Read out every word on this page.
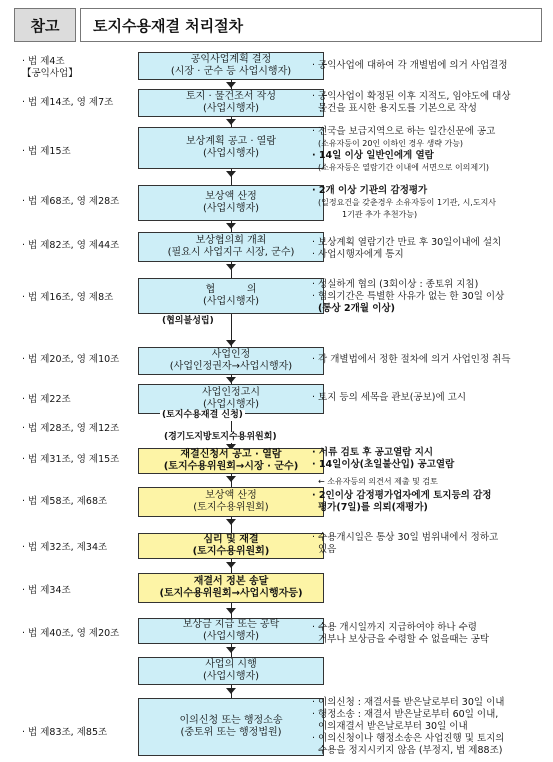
참고	토지수용재결 처리절차
· 법 제4조
【공익사업】
공익사업계획 결정
(시장 · 군수 등 사업시행자)
· 공익사업에 대하여 각 개별법에 의거 사업결정
· 법 제14조, 영 제7조
토지 · 물건조서 작성
(사업시행자)
· 공익사업이 확정된 이후 지적도, 임야도에 대상
물건을 표시한 용지도를 기본으로 작성
· 법 제15조
보상계획 공고 · 열람
(사업시행자)
· 전국을 보급지역으로 하는 일간신문에 공고
(소유자등이 20인 이하인 경우 생략 가능)
· 14일 이상 일반인에게 열람
(소유자등은 열람기간 이내에 서면으로 이의제기)
· 법 제68조, 영 제28조	보상액 산정
(사업시행자)
· 2개 이상 기관의 감정평가
(일정요건을 갖춘경우 소유자등이 1기관, 시,도지사
1기관 추가 추천가능)
· 법 제82조, 영 제44조	보상협의회 개최
(필요시 사업지구 시장, 군수)
· 보상계획 열람기간 만료 후 30일이내에 설치
· 사업시행자에게 통지
· 법 제16조, 영 제8조
협          의
(사업시행자)
(협의불성립)
· 성실하게 협의 (3회이상 : 종토위 지침)
· 협의기간은 특별한 사유가 없는 한 30일 이상
(통상 2개월 이상)
· 법 제20조, 영 제10조	사업인정
(사업인정권자→사업시행자)
· 각 개별법에서 정한 절차에 의거 사업인정 취득
· 법 제22조
사업인정고시
(사업시행자)
(토지수용재결 신청)
· 토지 등의 세목을 관보(공보)에 고시
· 법 제28조, 영 제12조
(경기도지방토지수용위원회)
· 법 제31조, 영 제15조	재결신청서 공고 · 열람
(토지수용위원회→시장 · 군수)
· 서류 검토 후 공고열람 지시
· 14일이상(초일불산입) 공고열람
← 소유자등의 의견서 제출 및 검토
· 법 제58조, 제68조
보상액 산정
(토지수용위원회)
· 2인이상 감정평가업자에게 토지등의 감정
평가(7일)를 의뢰(재평가)
· 법 제32조, 제34조
심리 및 재결
(토지수용위원회)
· 수용개시일은 통상 30일 범위내에서 정하고
있음
· 법 제34조
재결서 정본 송달
(토지수용위원회→사업시행자등)
· 법 제40조, 영 제20조
보상금 지급 또는 공탁
(사업시행자)
· 수용 개시일까지 지급하여야 하나 수령
거부나 보상금을 수령할 수 없을때는 공탁
사업의 시행
(사업시행자)
· 법 제83조, 제85조
이의신청 또는 행정소송
(중토위 또는 행정법원)
· 이의신청 : 재결서를 받은날로부터 30일 이내
· 행정소송 : 재결서 받은날로부터 60일 이내,
이의재결서 받은날로부터 30일 이내
· 이의신청이나 행정소송은 사업진행 및 토지의
수용을 정지시키지 않음 (부정지, 법 제88조)
